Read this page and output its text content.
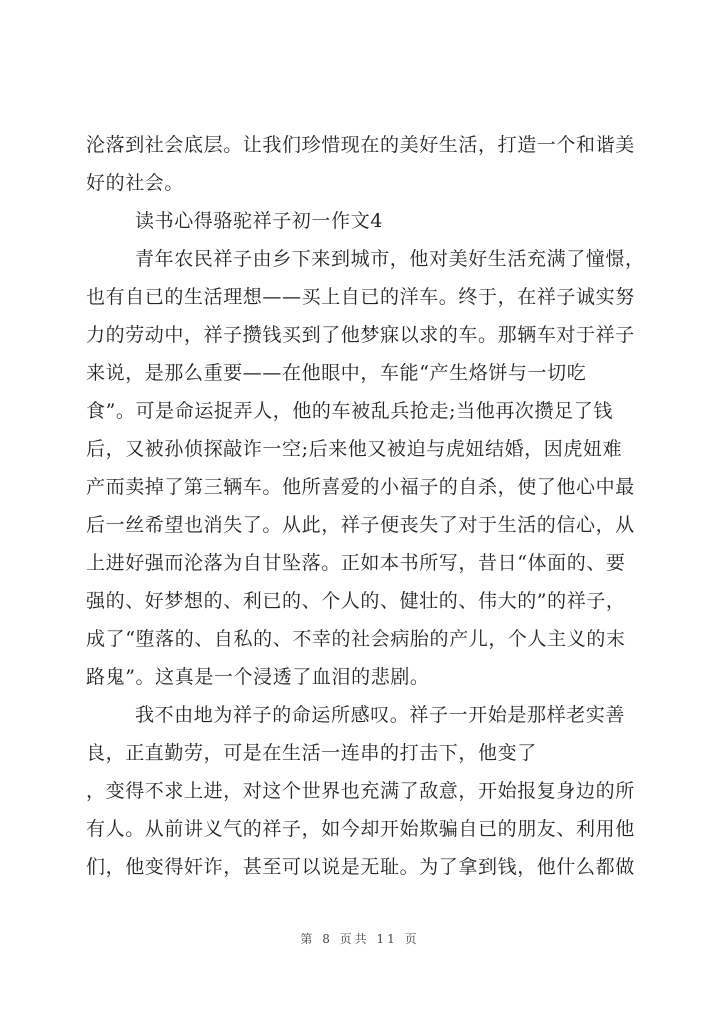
沦落到社会底层。让我们珍惜现在的美好生活，打造一个和谐美
好的社会。
读书心得骆驼祥子初一作文4
青年农民祥子由乡下来到城市，他对美好生活充满了憧憬，
也有自已的生活理想——买上自已的洋车。终于，在祥子诚实努
力的劳动中，祥子攒钱买到了他梦寐以求的车。那辆车对于祥子
来说，是那么重要——在他眼中，车能“产生烙饼与一切吃
食”。可是命运捉弄人，他的车被乱兵抢走;当他再次攒足了钱
后，又被孙侦探敲诈一空;后来他又被迫与虎妞结婚，因虎妞难
产而卖掉了第三辆车。他所喜爱的小福子的自杀，使了他心中最
后一丝希望也消失了。从此，祥子便丧失了对于生活的信心，从
上进好强而沦落为自甘坠落。正如本书所写，昔日“体面的、要
强的、好梦想的、利已的、个人的、健壮的、伟大的”的祥子，
成了“堕落的、自私的、不幸的社会病胎的产儿，个人主义的末
路鬼”。这真是一个浸透了血泪的悲剧。
我不由地为祥子的命运所感叹。祥子一开始是那样老实善
良，正直勤劳，可是在生活一连串的打击下，他变了
，变得不求上进，对这个世界也充满了敌意，开始报复身边的所
有人。从前讲义气的祥子，如今却开始欺骗自已的朋友、利用他
们，他变得奸诈，甚至可以说是无耻。为了拿到钱，他什么都做
第 8 页共 11 页
